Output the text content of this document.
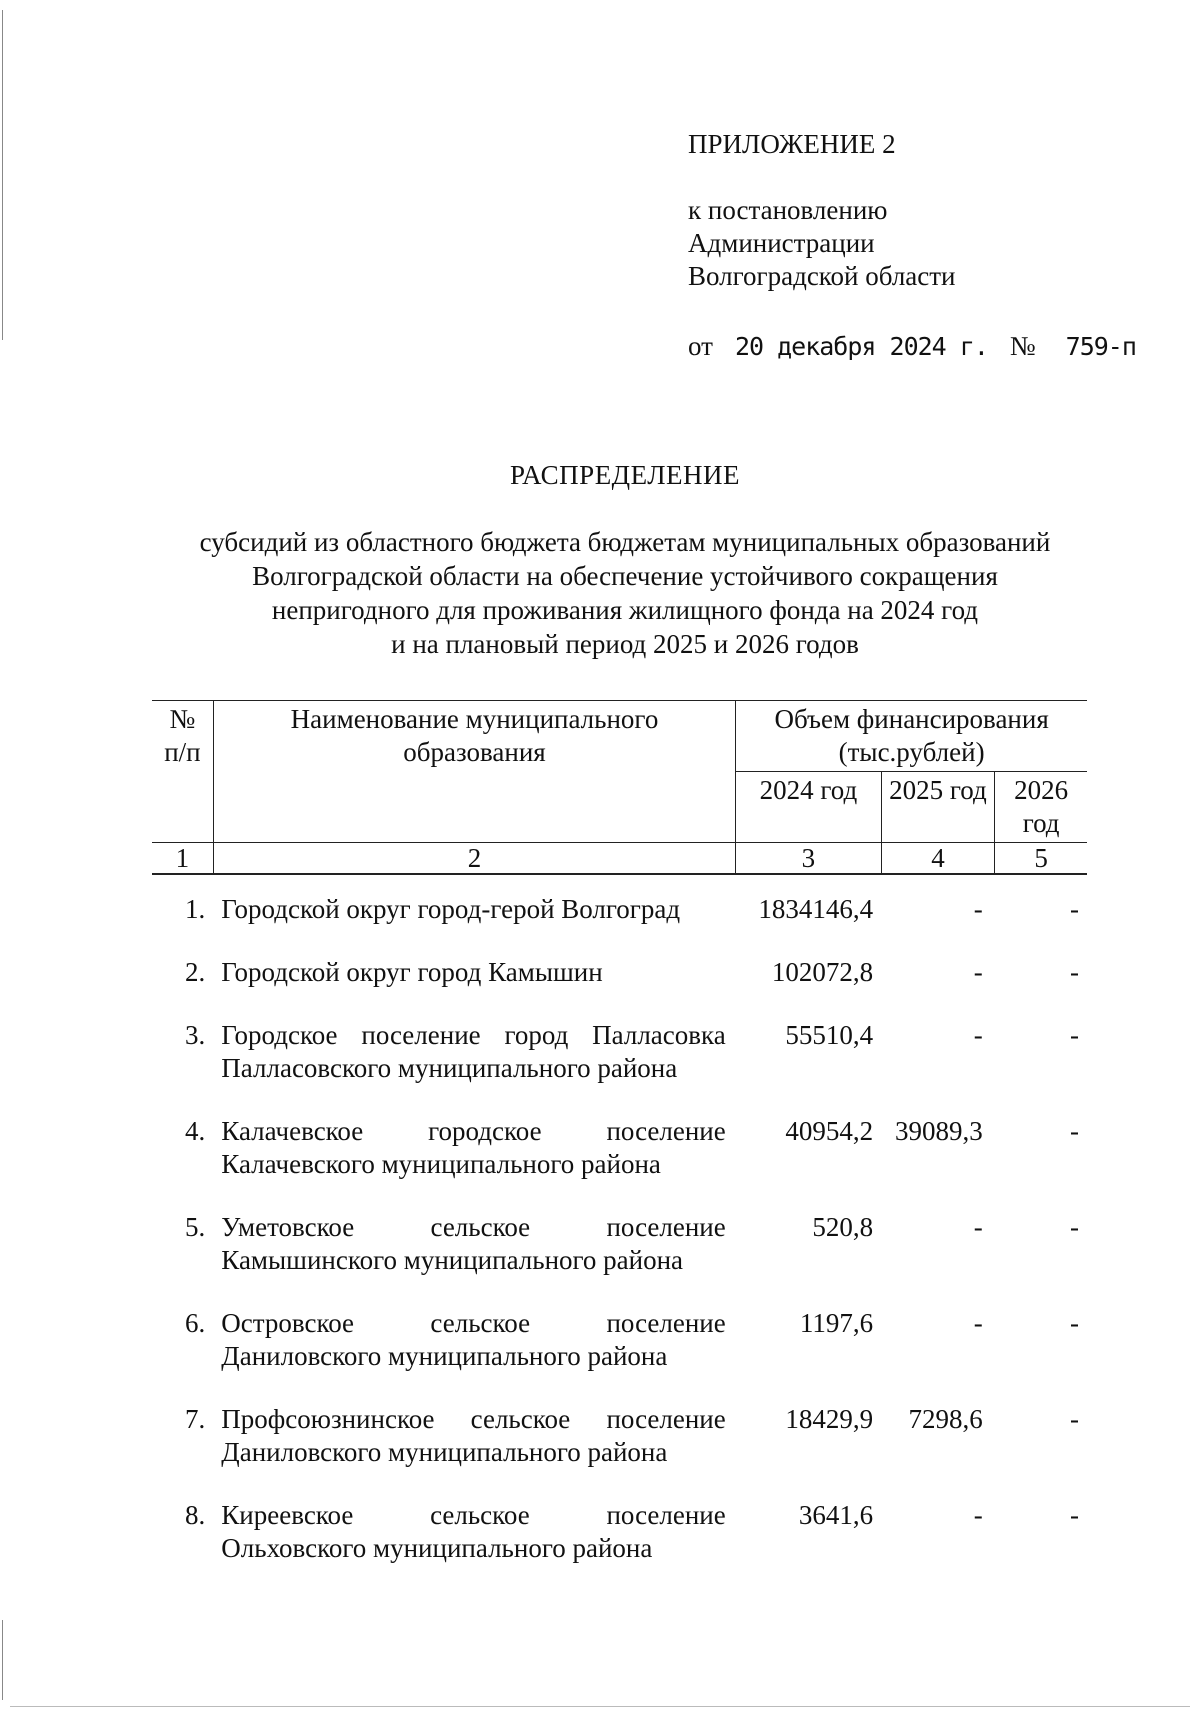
ПРИЛОЖЕНИЕ 2
к постановлению
Администрации
Волгоградской области
от 20 декабря 2024 г. № 759-п
РАСПРЕДЕЛЕНИЕ
субсидий из областного бюджета бюджетам муниципальных образований
Волгоградской области на обеспечение устойчивого сокращения
непригодного для проживания жилищного фонда на 2024 год
и на плановый период 2025 и 2026 годов
№ п/п	Наименование муниципального образования	Объем финансирования (тыс.рублей)		
		2024 год	2025 год	2026 год
1	2	3	4	5
1.	Городской округ город-герой Волгоград	1834146,4	-	-
2.	Городской округ город Камышин	102072,8	-	-
3.	Городское поселение город Палласовка Палласовского муниципального района	55510,4	-	-
4.	Калачевское городское поселение Калачевского муниципального района	40954,2	39089,3	-
5.	Уметовское сельское поселение Камышинского муниципального района	520,8	-	-
6.	Островское сельское поселение Даниловского муниципального района	1197,6	-	-
7.	Профсоюзнинское сельское поселение Даниловского муниципального района	18429,9	7298,6	-
8.	Киреевское сельское поселение Ольховского муниципального района	3641,6	-	-
